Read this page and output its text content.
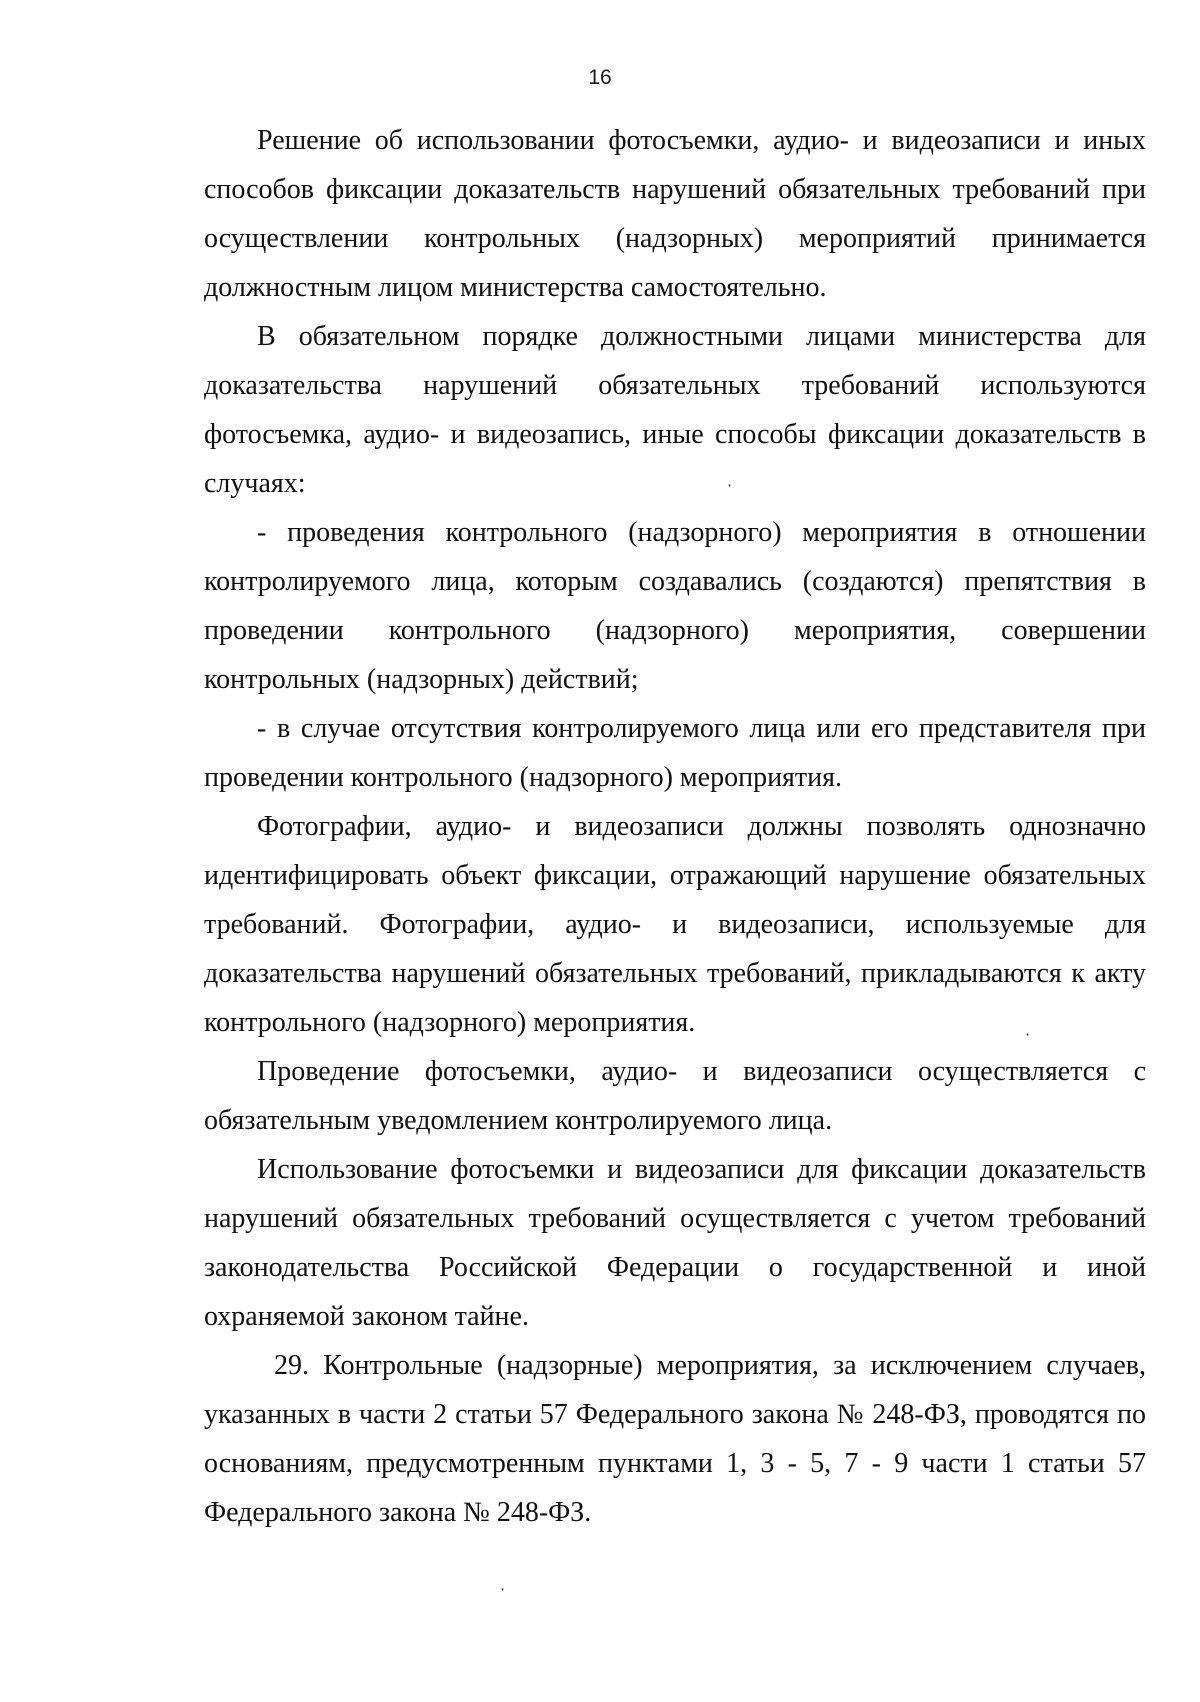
16

Решение об использовании фотосъемки, аудио- и видеозаписи и иных способов фиксации доказательств нарушений обязательных требований при осуществлении контрольных (надзорных) мероприятий принимается должностным лицом министерства самостоятельно.

В обязательном порядке должностными лицами министерства для доказательства нарушений обязательных требований используются фотосъемка, аудио- и видеозапись, иные способы фиксации доказательств в случаях:

- проведения контрольного (надзорного) мероприятия в отношении контролируемого лица, которым создавались (создаются) препятствия в проведении контрольного (надзорного) мероприятия, совершении контрольных (надзорных) действий;

- в случае отсутствия контролируемого лица или его представителя при проведении контрольного (надзорного) мероприятия.

Фотографии, аудио- и видеозаписи должны позволять однозначно идентифицировать объект фиксации, отражающий нарушение обязательных требований. Фотографии, аудио- и видеозаписи, используемые для доказательства нарушений обязательных требований, прикладываются к акту контрольного (надзорного) мероприятия.

Проведение фотосъемки, аудио- и видеозаписи осуществляется с обязательным уведомлением контролируемого лица.

Использование фотосъемки и видеозаписи для фиксации доказательств нарушений обязательных требований осуществляется с учетом требований законодательства Российской Федерации о государственной и иной охраняемой законом тайне.

29. Контрольные (надзорные) мероприятия, за исключением случаев, указанных в части 2 статьи 57 Федерального закона № 248-ФЗ, проводятся по основаниям, предусмотренным пунктами 1, 3 - 5, 7 - 9 части 1 статьи 57 Федерального закона № 248-ФЗ.

·
·
·
